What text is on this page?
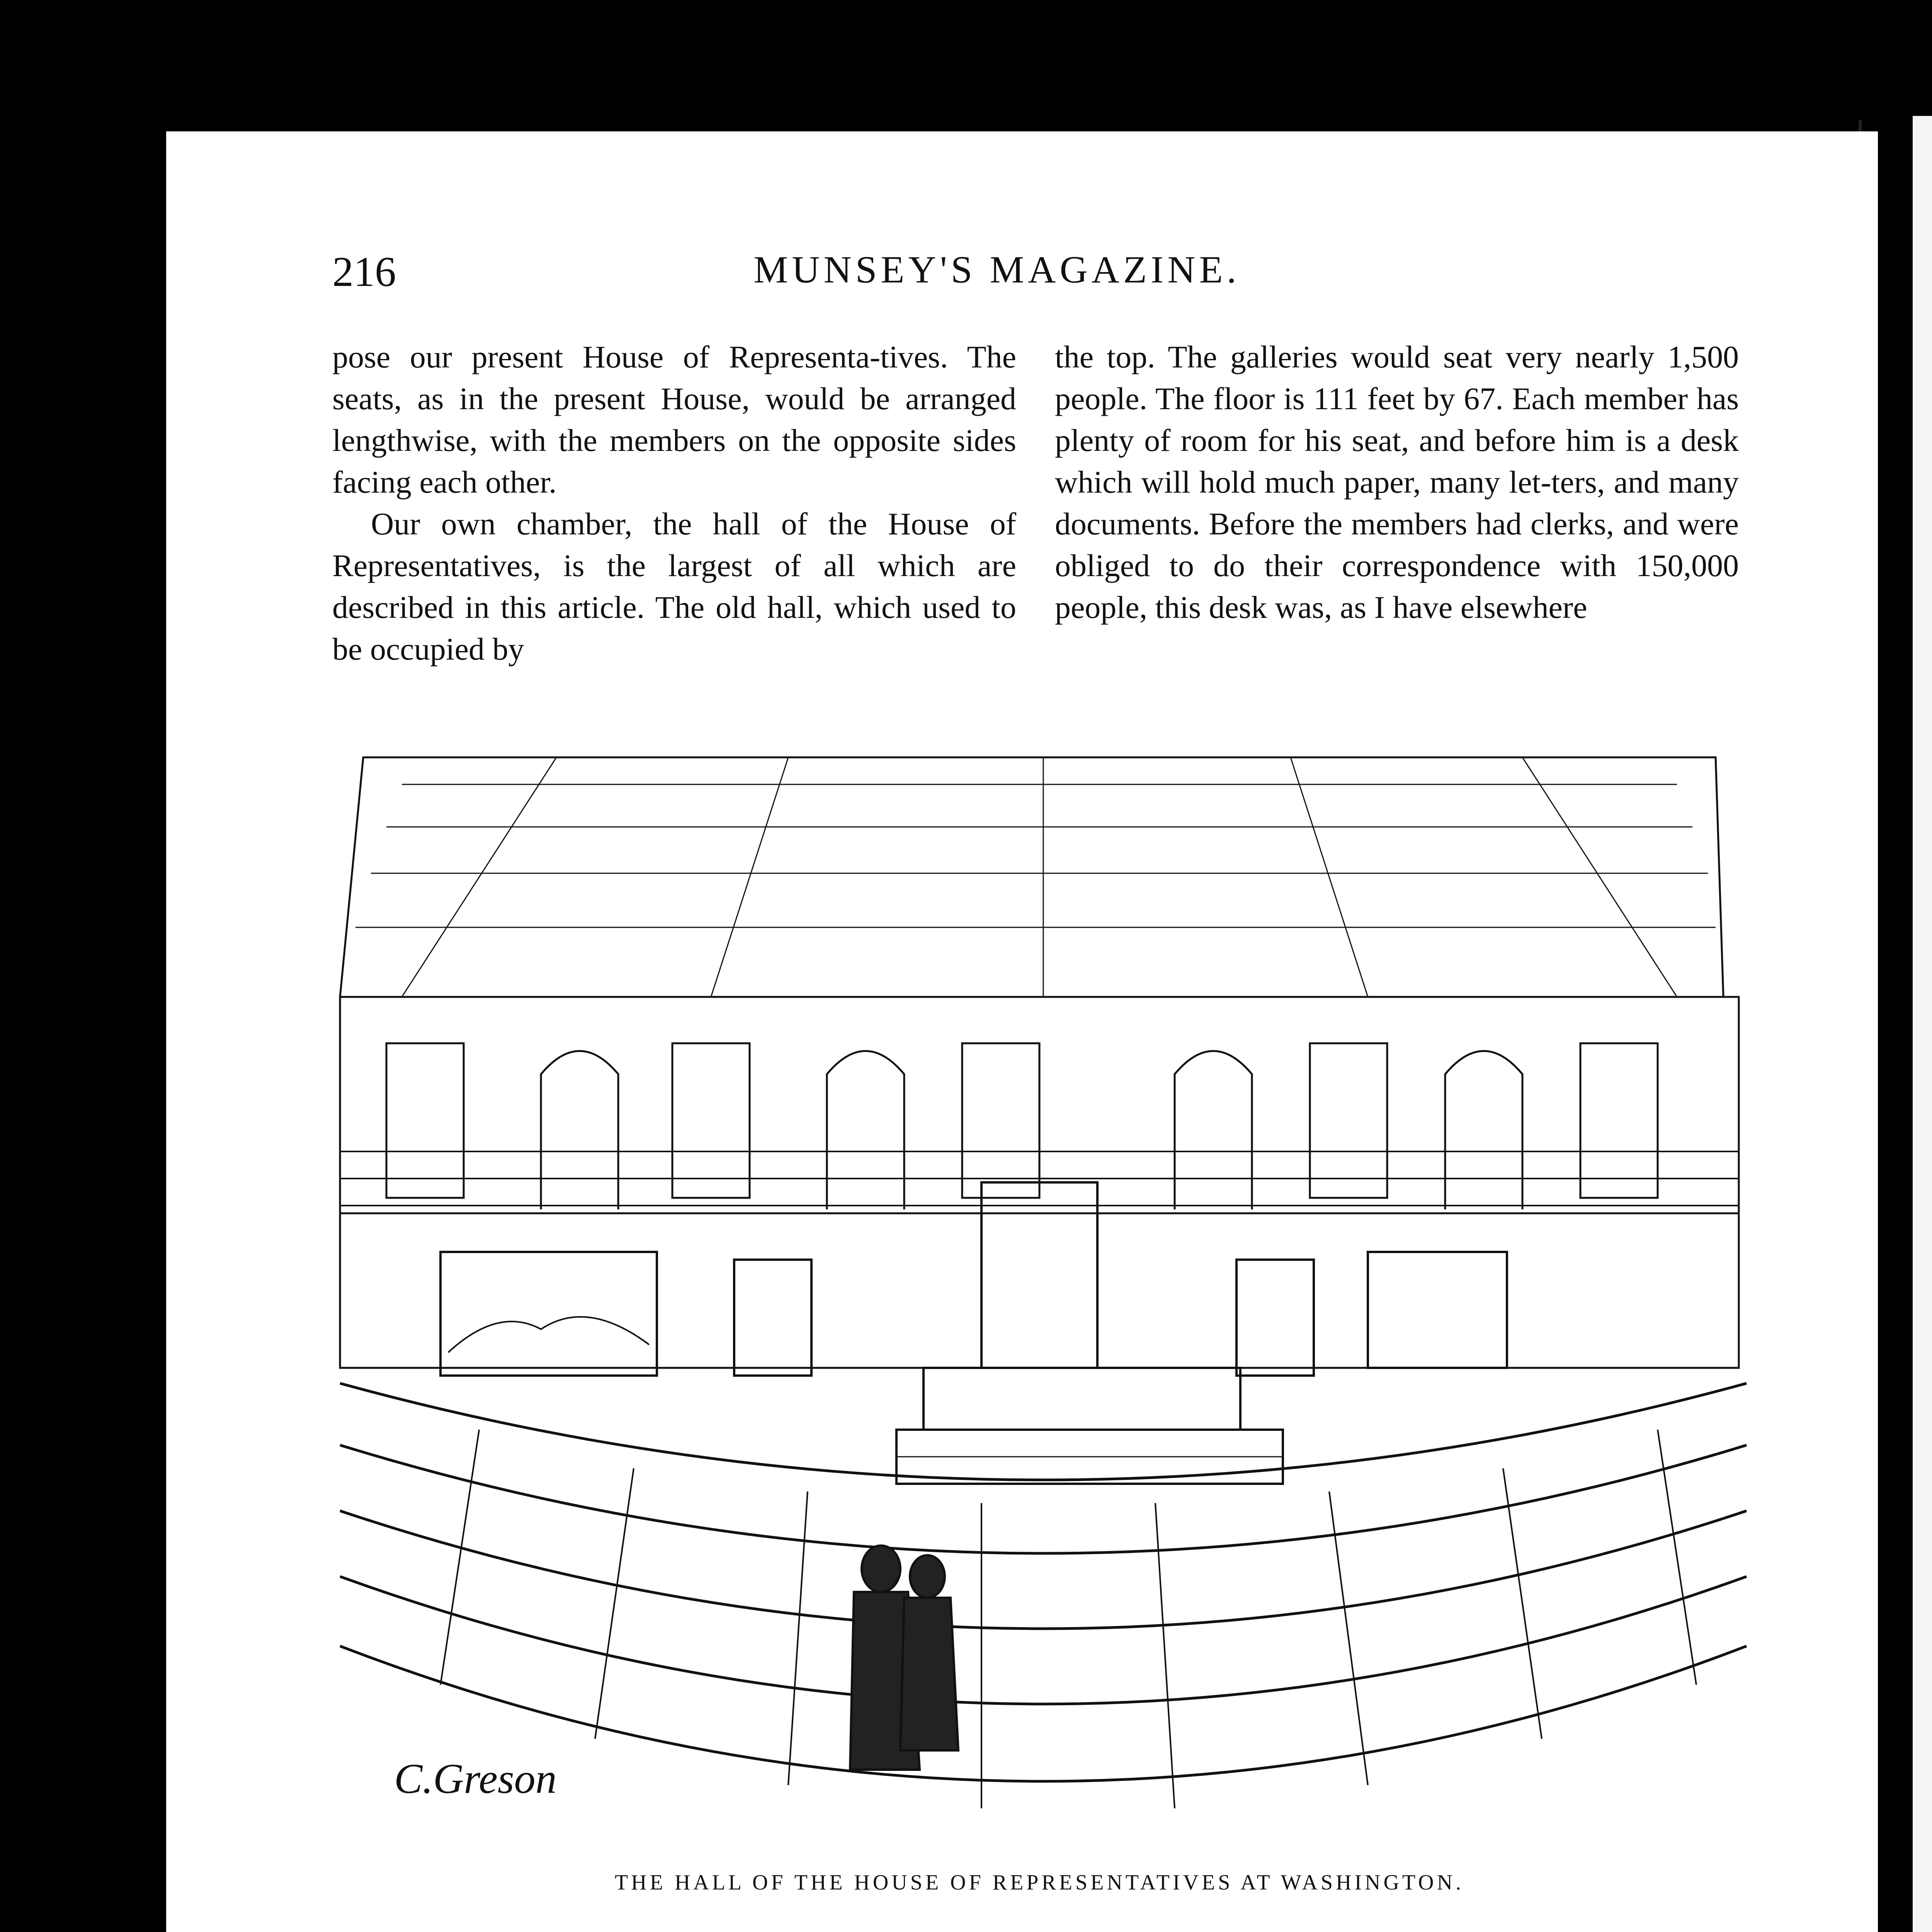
216	MUNSEY'S MAGAZINE.

pose our present House of Representa-tives. The seats, as in the present House, would be arranged lengthwise, with the members on the opposite sides facing each other.

Our own chamber, the hall of the House of Representatives, is the largest of all which are described in this article. The old hall, which used to be occupied by

the top. The galleries would seat very nearly 1,500 people. The floor is 111 feet by 67. Each member has plenty of room for his seat, and before him is a desk which will hold much paper, many let-ters, and many documents. Before the members had clerks, and were obliged to do their correspondence with 150,000 people, this desk was, as I have elsewhere

C.Greson
THE HALL OF THE HOUSE OF REPRESENTATIVES AT WASHINGTON.
